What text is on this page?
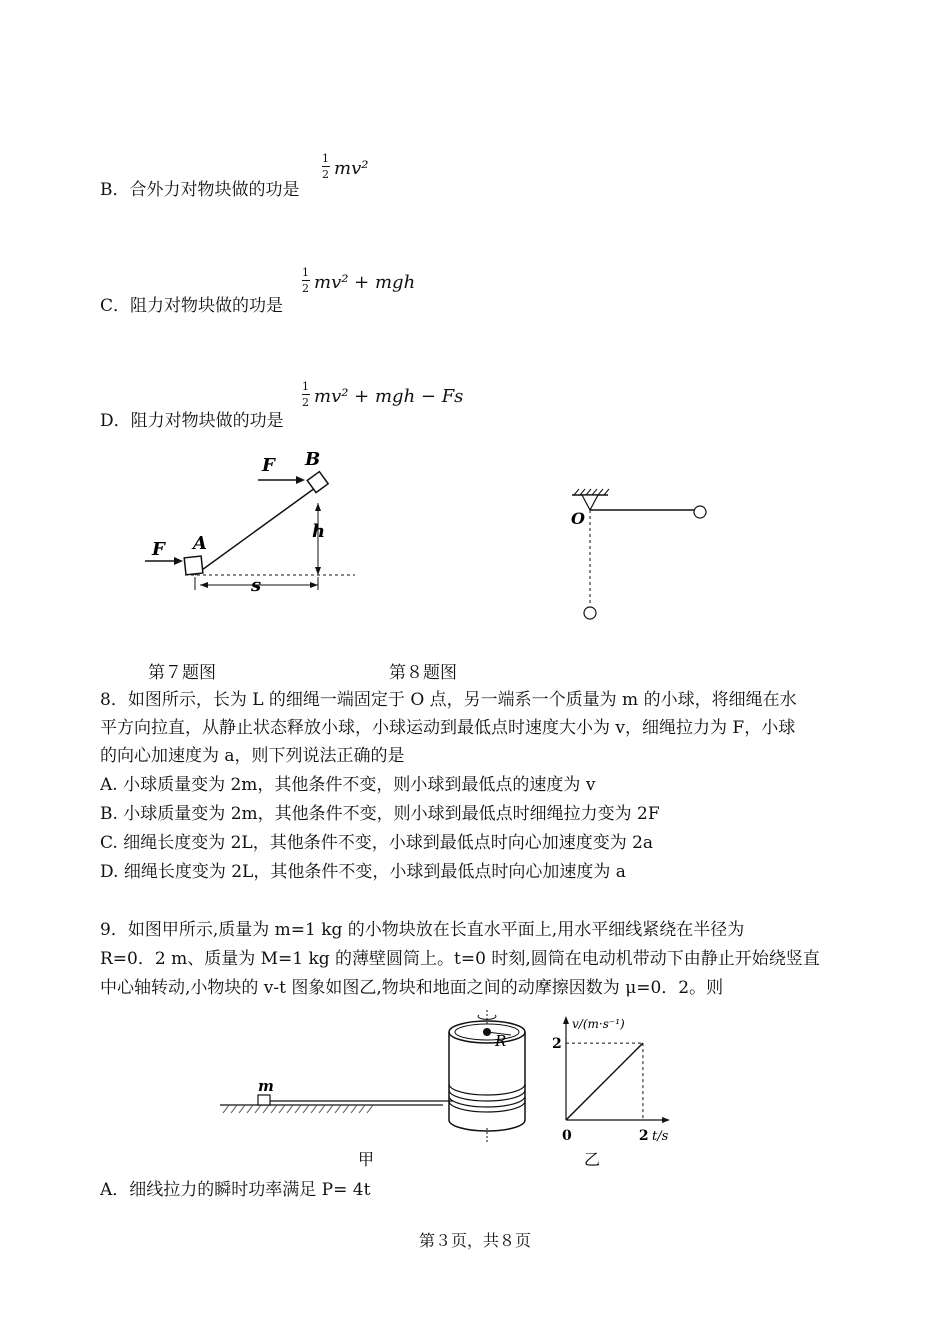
1
2 mv²
B．合外力对物块做的功是
1
2 mv² + mgh
C．阻力对物块做的功是
1
2 mv² + mgh − Fs
D．阻力对物块做的功是
F B
F A
h
s
O
第７题图	第８题图
8．如图所示，长为 L 的细绳一端固定于 O 点，另一端系一个质量为 m 的小球，将细绳在水
平方向拉直，从静止状态释放小球，小球运动到最低点时速度大小为 v，细绳拉力为 F，小球
的向心加速度为 a，则下列说法正确的是
A. 小球质量变为 2m，其他条件不变，则小球到最低点的速度为 v
B. 小球质量变为 2m，其他条件不变，则小球到最低点时细绳拉力变为 2F
C. 细绳长度变为 2L，其他条件不变，小球到最低点时向心加速度变为 2a
D. 细绳长度变为 2L，其他条件不变，小球到最低点时向心加速度为 a
9．如图甲所示,质量为 m=1 kg 的小物块放在长直水平面上,用水平细线紧绕在半径为
R=0．2 m、质量为 M=1 kg 的薄壁圆筒上。t=0 时刻,圆筒在电动机带动下由静止开始绕竖直
中心轴转动,小物块的 v-t 图象如图乙,物块和地面之间的动摩擦因数为 μ=0．2。则
m
R
甲
v/(m·s⁻¹)
t/s
0	2
2
乙
A．细线拉力的瞬时功率满足 P= 4t
第３页，共８页
